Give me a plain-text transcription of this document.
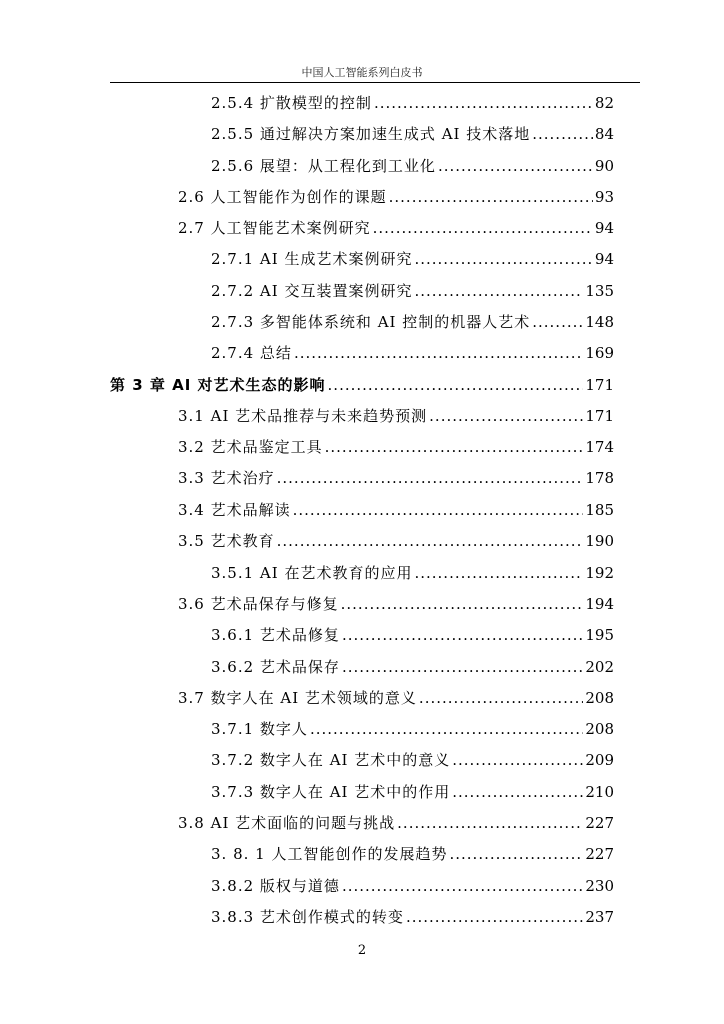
中国人工智能系列白皮书
2.5.4 扩散模型的控制 .....	82
2.5.5 通过解决方案加速生成式 AI 技术落地 .....	84
2.5.6 展望：从工程化到工业化 .....	90
2.6 人工智能作为创作的课题 .....	93
2.7 人工智能艺术案例研究 .....	94
2.7.1 AI 生成艺术案例研究 .....	94
2.7.2 AI 交互装置案例研究 .....	135
2.7.3 多智能体系统和 AI 控制的机器人艺术 .....	148
2.7.4 总结 .....	169
第 3 章 AI 对艺术生态的影响 .....	171
3.1 AI 艺术品推荐与未来趋势预测 .....	171
3.2 艺术品鉴定工具 .....	174
3.3 艺术治疗 .....	178
3.4 艺术品解读 .....	185
3.5 艺术教育 .....	190
3.5.1 AI 在艺术教育的应用 .....	192
3.6 艺术品保存与修复 .....	194
3.6.1 艺术品修复 .....	195
3.6.2 艺术品保存 .....	202
3.7 数字人在 AI 艺术领域的意义 .....	208
3.7.1 数字人 .....	208
3.7.2 数字人在 AI 艺术中的意义 .....	209
3.7.3 数字人在 AI 艺术中的作用 .....	210
3.8 AI 艺术面临的问题与挑战 .....	227
3. 8. 1 人工智能创作的发展趋势 .....	227
3.8.2 版权与道德 .....	230
3.8.3 艺术创作模式的转变 .....	237
2
